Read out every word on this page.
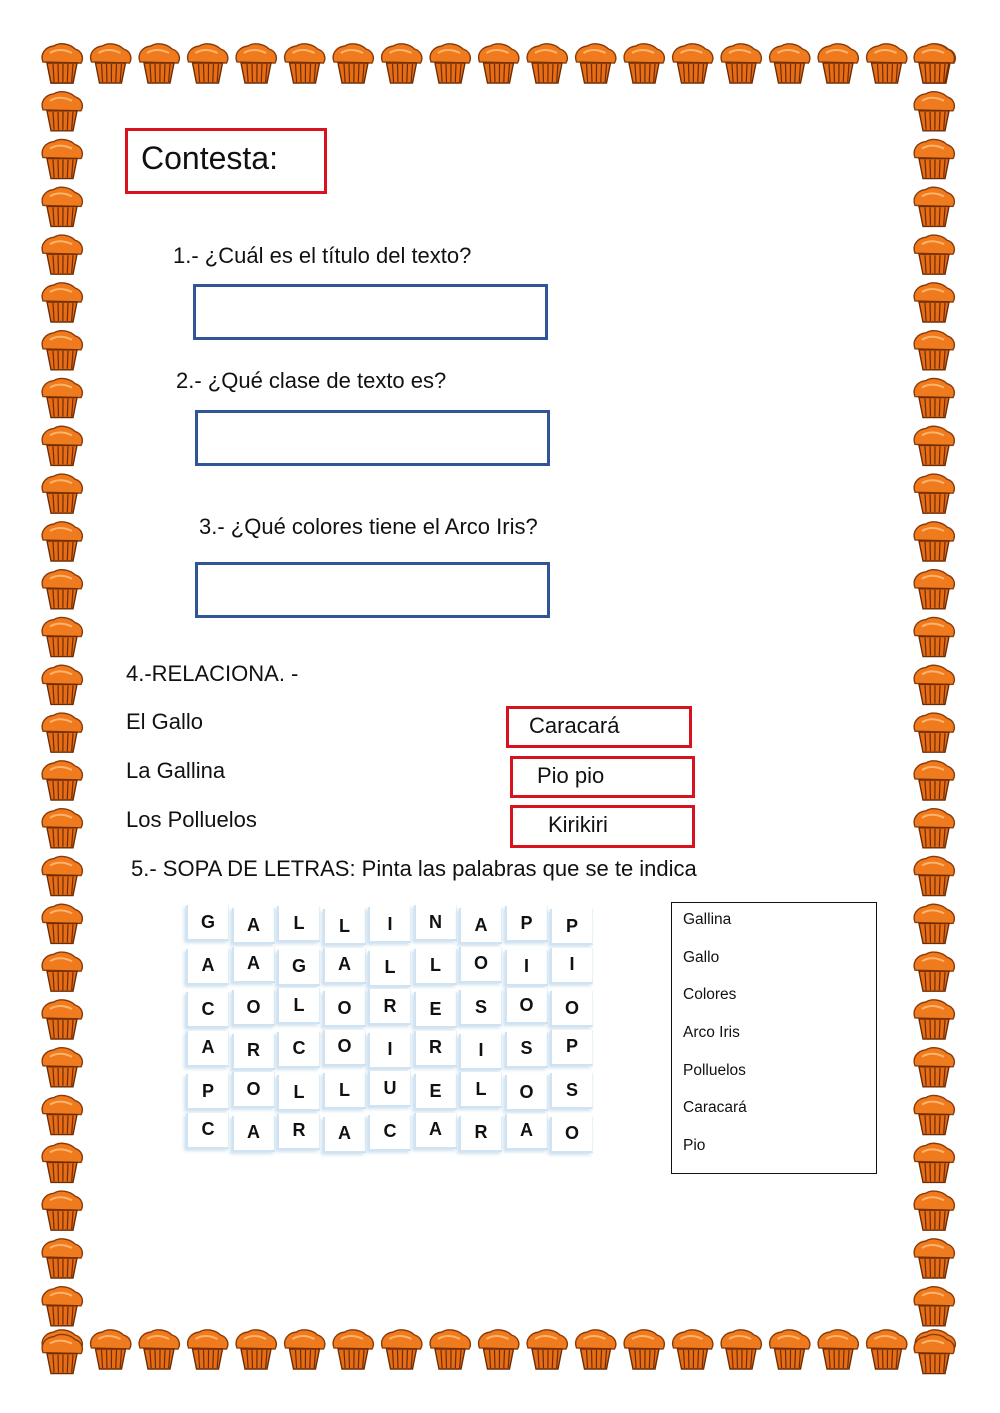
Contesta:
1.- ¿Cuál es el título del texto?
2.- ¿Qué clase de texto es?
3.- ¿Qué colores tiene el Arco Iris?
4.-RELACIONA. -
El Gallo
La Gallina
Los Polluelos
Caracará
Pio pio
Kirikiri
5.- SOPA DE LETRAS: Pinta las palabras que se te indica
G	A	L	L	I	N	A	P	P
A	A	G	A	L	L	O	I	I
C	O	L	O	R	E	S	O	O
A	R	C	O	I	R	I	S	P
P	O	L	L	U	E	L	O	S
C	A	R	A	C	A	R	A	O
Gallina
Gallo
Colores
Arco Iris
Polluelos
Caracará
Pio
